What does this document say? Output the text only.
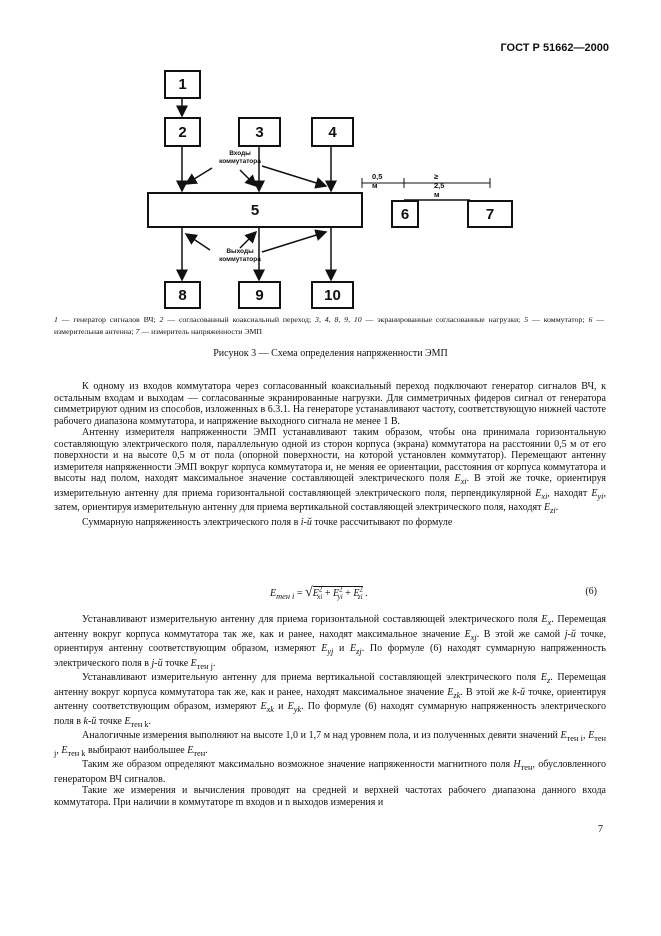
ГОСТ Р 51662—2000
1
2	3	4
5	6	7
8	9	10
Входы
коммутатора
Выходы
коммутатора
0,5 м
≥ 2,5 м
1 — генератор сигналов ВЧ; 2 — согласованный коаксиальный переход; 3, 4, 8, 9, 10 — экранированные согласованные нагрузки; 5 — коммутатор; 6 — измерительная антенна; 7 — измеритель напряженности ЭМП
Рисунок 3 — Схема определения напряженности ЭМП

К одному из входов коммутатора через согласованный коаксиальный переход подключают генератор сигналов ВЧ, к остальным входам и выходам — согласованные экранированные нагрузки. Для симметричных фидеров сигнал от генератора симметрируют одним из способов, изложенных в 6.3.1. На генераторе устанавливают частоту, соответствующую нижней частоте рабочего диапазона коммутатора, и напряжение выходного сигнала не менее 1 В.

Антенну измерителя напряженности ЭМП устанавливают таким образом, чтобы она принимала горизонтальную составляющую электрического поля, параллельную одной из сторон корпуса (экрана) коммутатора на расстоянии 0,5 м от его поверхности и на высоте 0,5 м от пола (опорной поверхности, на которой установлен коммутатор). Перемещают антенну измерителя напряженности ЭМП вокруг корпуса коммутатора и, не меняя ее ориентации, расстояния от корпуса коммутатора и высоты над полом, находят максимальное значение составляющей электрического поля $E_{xi}$. В этой же точке, ориентируя измерительную антенну для приема горизонтальной составляющей электрического поля, перпендикулярной $E_{xi}$, находят $E_{yi}$, затем, ориентируя измерительную антенну для приема вертикальной составляющей электрического поля, находят $E_{zi}$.

Суммарную напряженность электрического поля в i-й точке рассчитывают по формуле

$E_{тен i} = √E^2_{xi} + E^2_{yi} + E^2_{zi}$ .	(6)

Устанавливают измерительную антенну для приема горизонтальной составляющей электрического поля $E_x$. Перемещая антенну вокруг корпуса коммутатора так же, как и ранее, находят максимальное значение $E_{xj}$. В этой же самой j-й точке, ориентируя антенну соответствующим образом, измеряют $E_{yj}$ и $E_{zj}$. По формуле (6) находят суммарную напряженность электрического поля в j-й точке $E_{тен j}$.

Устанавливают измерительную антенну для приема вертикальной составляющей электрического поля $E_z$. Перемещая антенну вокруг корпуса коммутатора так же, как и ранее, находят максимальное значение $E_{zk}$. В этой же k-й точке, ориентируя антенну соответствующим образом, измеряют $E_{xk}$ и $E_{yk}$. По формуле (6) находят суммарную напряженность электрического поля в k-й точке $E_{тен k}$.

Аналогичные измерения выполняют на высоте 1,0 и 1,7 м над уровнем пола, и из полученных девяти значений $E_{тен i}$, $E_{тен j}$, $E_{тен k}$ выбирают наибольшее $E_{тен}$.

Таким же образом определяют максимально возможное значение напряженности магнитного поля $H_{тен}$, обусловленного генератором ВЧ сигналов.

Такие же измерения и вычисления проводят на средней и верхней частотах рабочего диапазона данного входа коммутатора. При наличии в коммутаторе m входов и n выходов измерения и

7
